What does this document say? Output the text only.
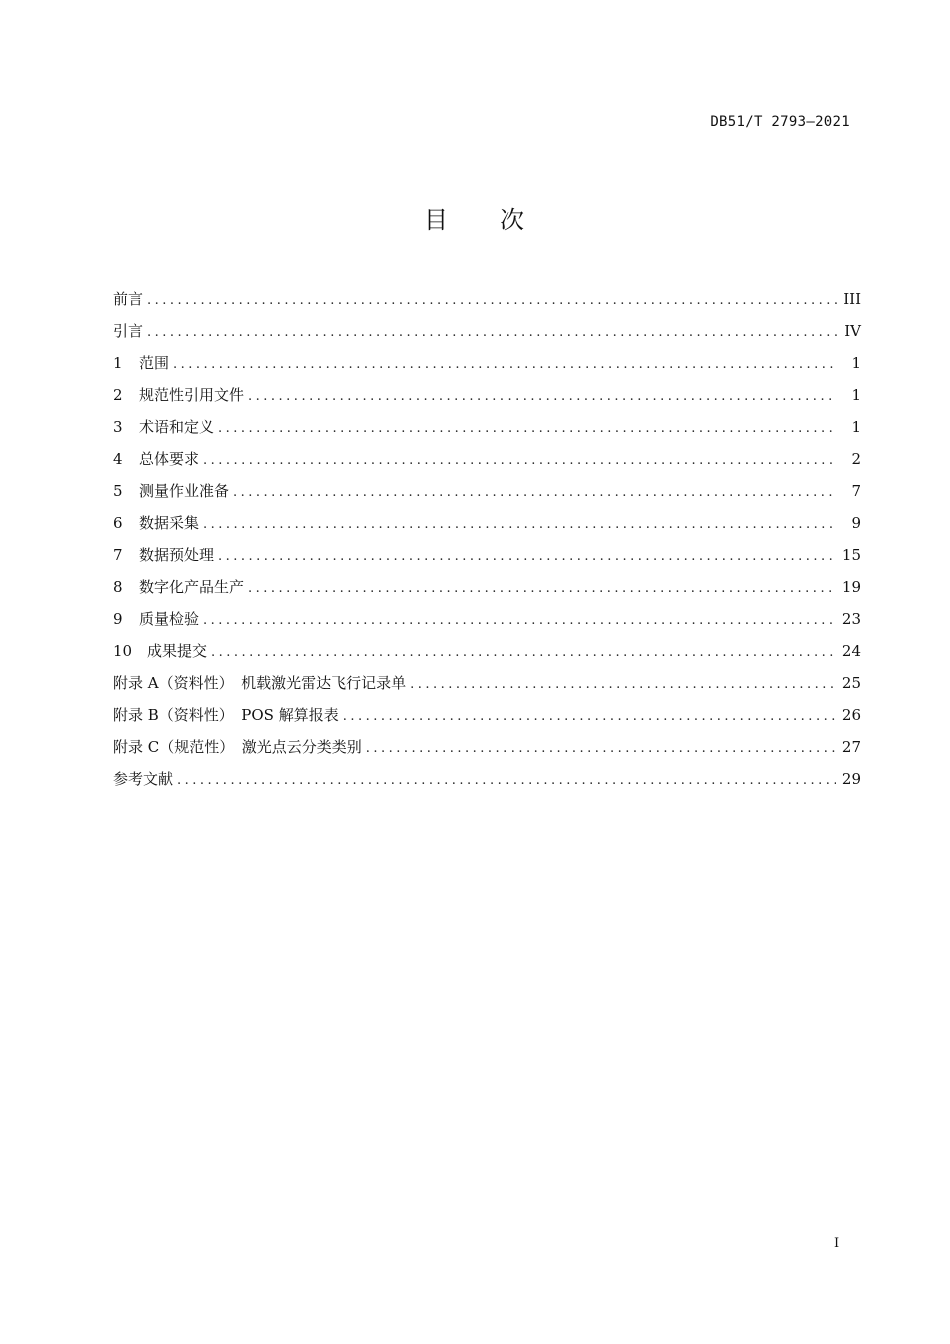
DB51/T 2793—2021
目 次
前言 .....	III
引言 .....	IV
1	范围 .....	1
2	规范性引用文件 .....	1
3	术语和定义 .....	1
4	总体要求 .....	2
5	测量作业准备 .....	7
6	数据采集 .....	9
7	数据预处理 .....	15
8	数字化产品生产 .....	19
9	质量检验 .....	23
10 成果提交 .....	24
附录 A（资料性）　机载激光雷达飞行记录单 .....	25
附录 B（资料性）　POS 解算报表 .....	26
附录 C（规范性）　激光点云分类类别 .....	27
参考文献 .....	29
I
